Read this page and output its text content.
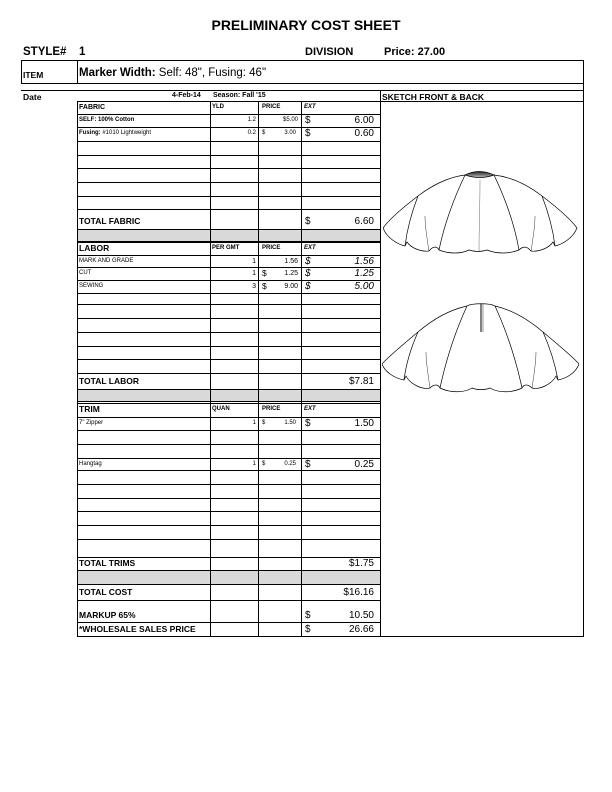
PRELIMINARY COST SHEET
STYLE# 1	DIVISION	Price: 27.00
ITEM	Marker Width: Self: 48", Fusing: 46"
Date	4-Feb-14 Season: Fall '15	SKETCH FRONT & BACK
FABRIC	YLD	PRICE	EXT
SELF: 100% Cotton	1.2	$5.00 $	6.00
Fusing: #1010 Lightweight	0.2 $	3.00 $	0.60
TOTAL FABRIC	$	6.60
LABOR	PER GMT	PRICE	EXT
MARK AND GRADE	1	1.56 $	1.56
CUT	1 $	1.25 $	1.25
SEWING	3 $	9.00 $	5.00
TOTAL LABOR	$7.81
TRIM	QUAN	PRICE	EXT
7" Zipper	1 $	1.50 $	1.50
Hangtag	1 $	0.25 $	0.25
TOTAL TRIMS	$1.75
TOTAL COST	$16.16
MARKUP 65%	$	10.50
*WHOLESALE SALES PRICE	$	26.66
